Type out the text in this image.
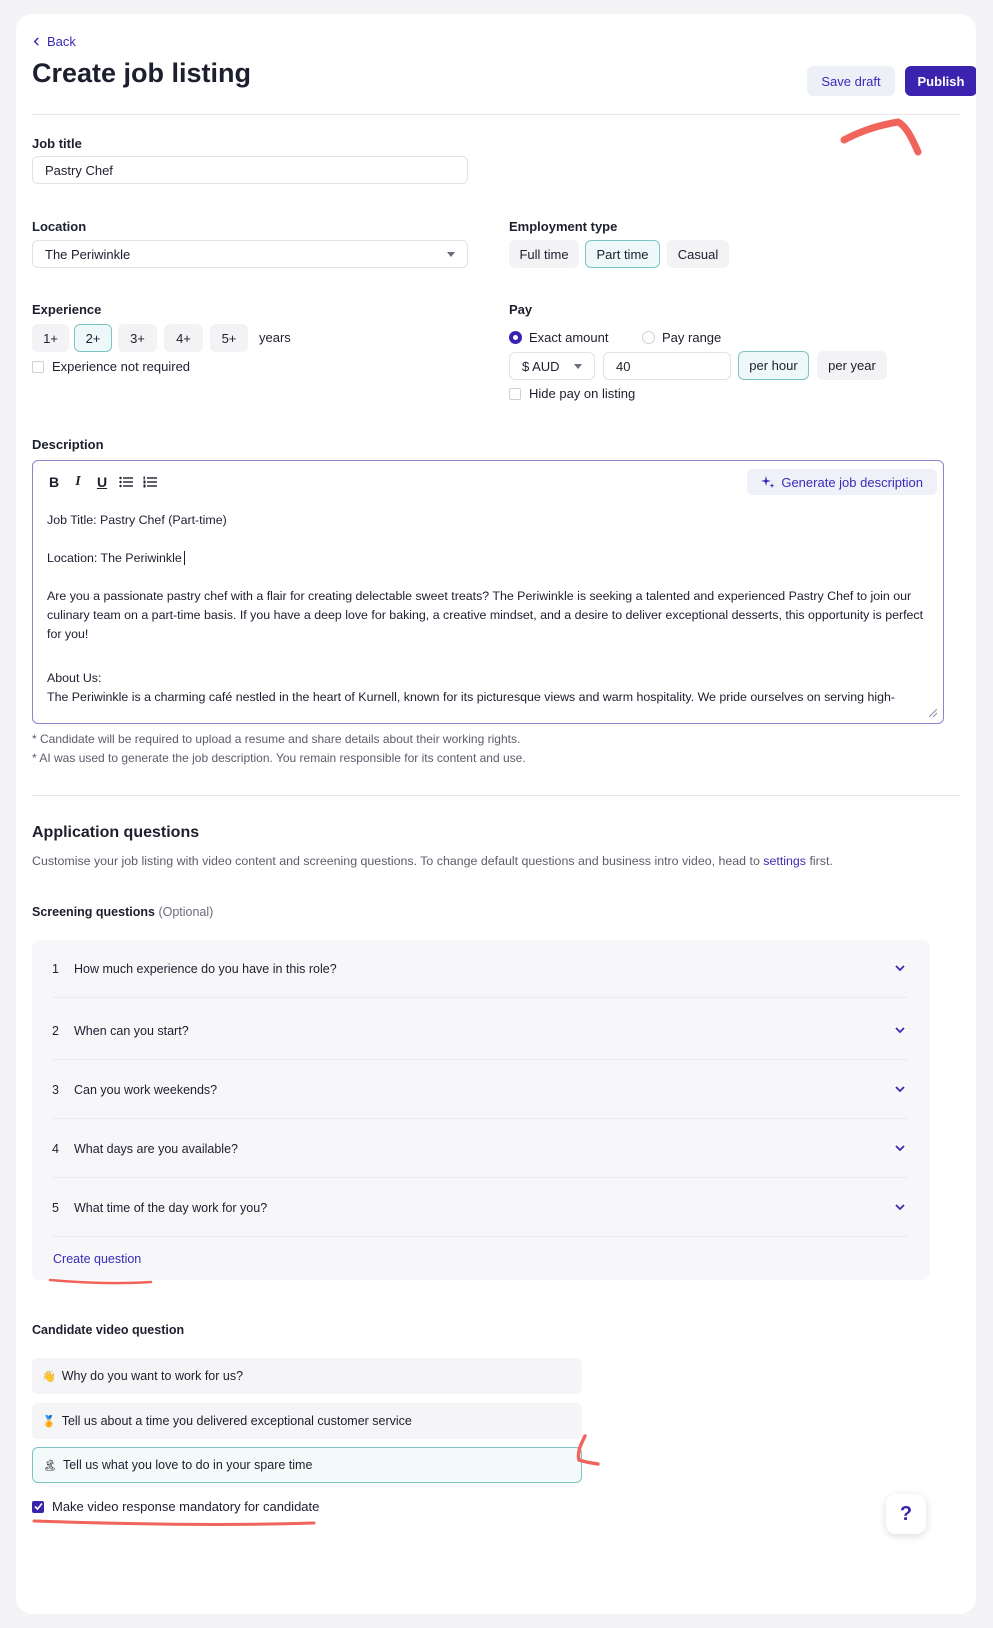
Back
Create job listing	Save draft	Publish
Job title
Pastry Chef
Location
The Periwinkle
Employment type
Full time	Part time	Casual
Experience
1+	2+	3+	4+	5+	years
Experience not required
Pay
Exact amount	Pay range
$ AUD	40	per hour	per year
Hide pay on listing
Description
B	I	U	Generate job description

Job Title: Pastry Chef (Part-time)

Location: The Periwinkle

Are you a passionate pastry chef with a flair for creating delectable sweet treats? The Periwinkle is seeking a talented and experienced Pastry Chef to join our culinary team on a part-time basis. If you have a deep love for baking, a creative mindset, and a desire to deliver exceptional desserts, this opportunity is perfect for you!

About Us:
The Periwinkle is a charming café nestled in the heart of Kurnell, known for its picturesque views and warm hospitality. We pride ourselves on serving high-
* Candidate will be required to upload a resume and share details about their working rights.
* AI was used to generate the job description. You remain responsible for its content and use.
Application questions
Customise your job listing with video content and screening questions. To change default questions and business intro video, head to settings first.
Screening questions (Optional)
1	How much experience do you have in this role?
2	When can you start?
3	Can you work weekends?
4	What days are you available?
5	What time of the day work for you?
Create question
Candidate video question
👋 Why do you want to work for us?
🏅 Tell us about a time you delivered exceptional customer service
🏝 Tell us what you love to do in your spare time
Make video response mandatory for candidate	?
